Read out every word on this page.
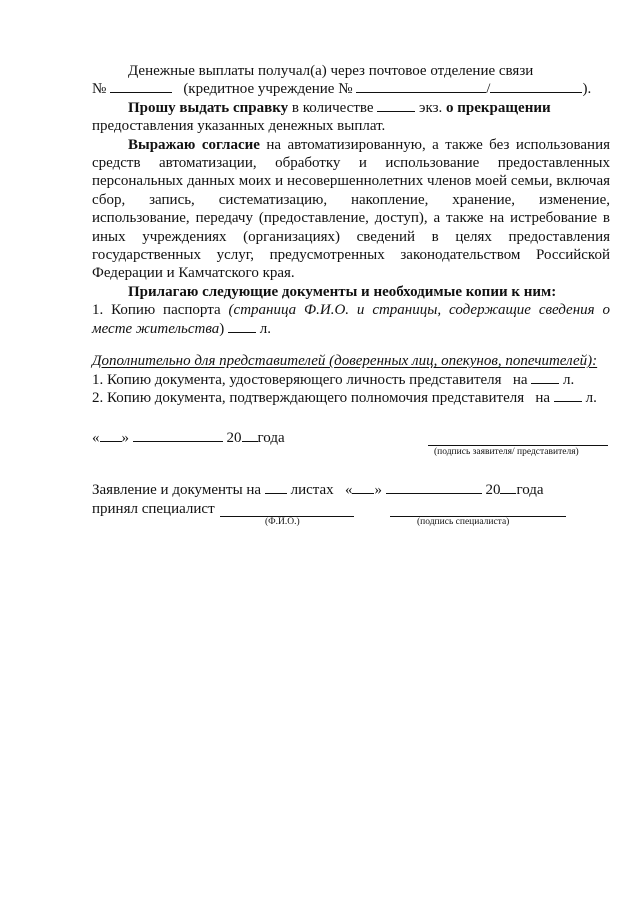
Денежные выплаты получал(а) через почтовое отделение связи

№	(кредитное учреждение №	/	).

Прошу выдать справку в количестве	экз. о прекращении

предоставления указанных денежных выплат.

Выражаю согласие на автоматизированную, а также без использования средств автоматизации, обработку и использование предоставленных персональных данных моих и несовершеннолетних членов моей семьи, включая сбор, запись, систематизацию, накопление, хранение, изменение, использование, передачу (предоставление, доступ), а также на истребование в иных учреждениях (организациях) сведений в целях предоставления государственных услуг, предусмотренных законодательством Российской Федерации и Камчатского края.

Прилагаю следующие документы и необходимые копии к ним:

1. Копию паспорта (страница Ф.И.О. и страницы, содержащие сведения о месте жительства) л.

Дополнительно для представителей (доверенных лиц, опекунов, попечителей):

1. Копию документа, удостоверяющего личность представителя на л.

2. Копию документа, подтверждающего полномочия представителя на л.

« »	20 года
(подпись заявителя/ представителя)

Заявление и документы на листах « »	20 года

принял специалист
(Ф.И.О.)	(подпись специалиста)
